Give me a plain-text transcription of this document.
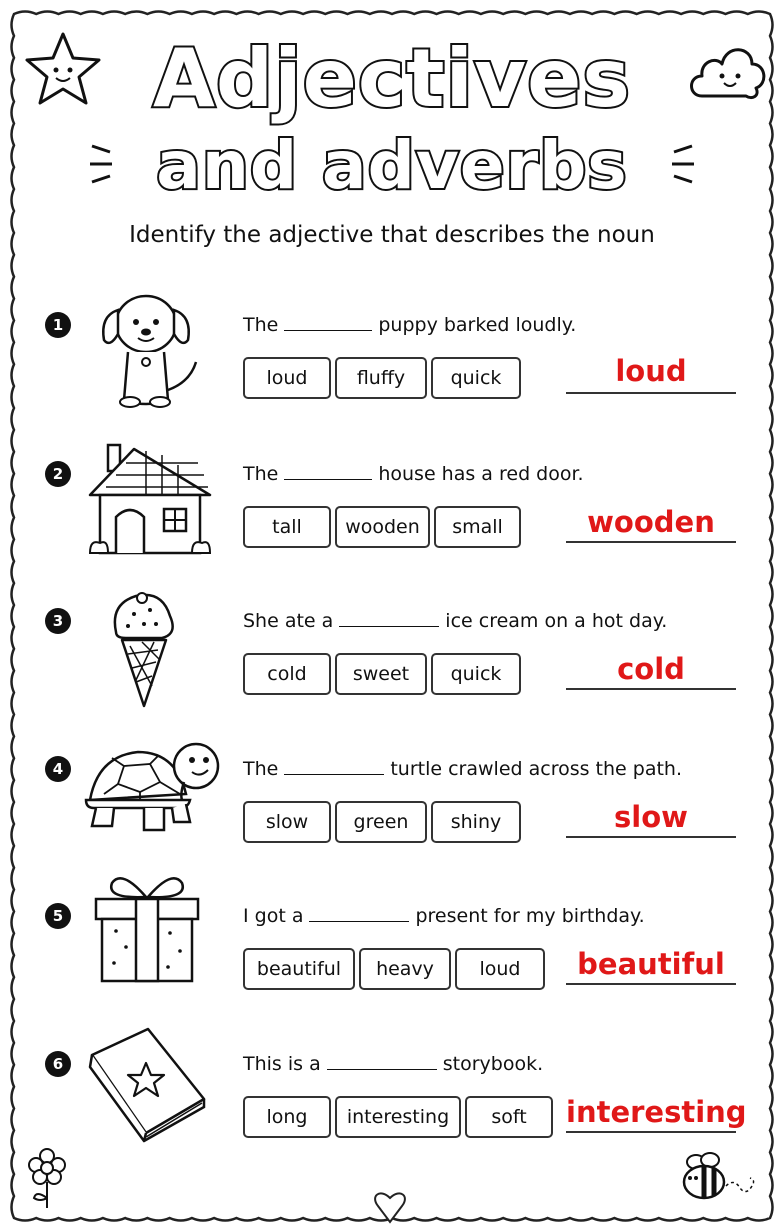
Adjectives
and adverbs
Identify the adjective that describes the noun
1	The	puppy barked loudly.
loud	fluffy	quick	loud
2	The	house has a red door.
tall	wooden	small	wooden
3	She ate a	ice cream on a hot day.
cold	sweet	quick	cold
4	The	turtle crawled across the path.
slow	green	shiny	slow
5	I got a	present for my birthday.
beautiful	heavy	loud	beautiful
6	This is a	storybook.
long	interesting	soft	interesting
